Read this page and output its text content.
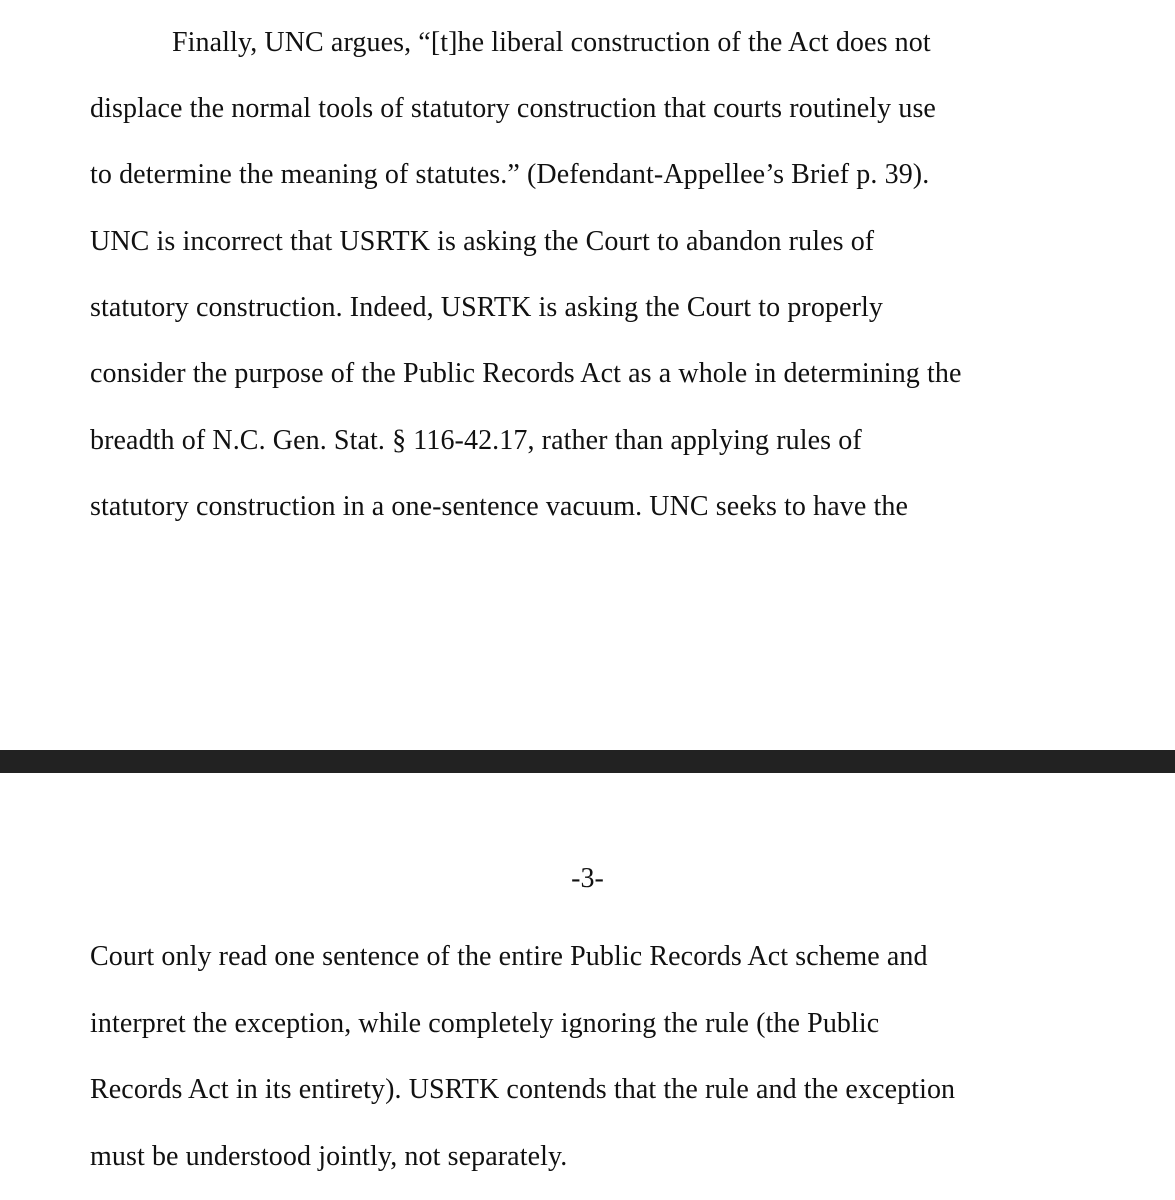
Finally, UNC argues, “[t]he liberal construction of the Act does not
displace the normal tools of statutory construction that courts routinely use
to determine the meaning of statutes.” (Defendant-Appellee’s Brief p. 39).
UNC is incorrect that USRTK is asking the Court to abandon rules of
statutory construction. Indeed, USRTK is asking the Court to properly
consider the purpose of the Public Records Act as a whole in determining the
breadth of N.C. Gen. Stat. § 116-42.17, rather than applying rules of
statutory construction in a one-sentence vacuum. UNC seeks to have the
-3-
Court only read one sentence of the entire Public Records Act scheme and
interpret the exception, while completely ignoring the rule (the Public
Records Act in its entirety). USRTK contends that the rule and the exception
must be understood jointly, not separately.
